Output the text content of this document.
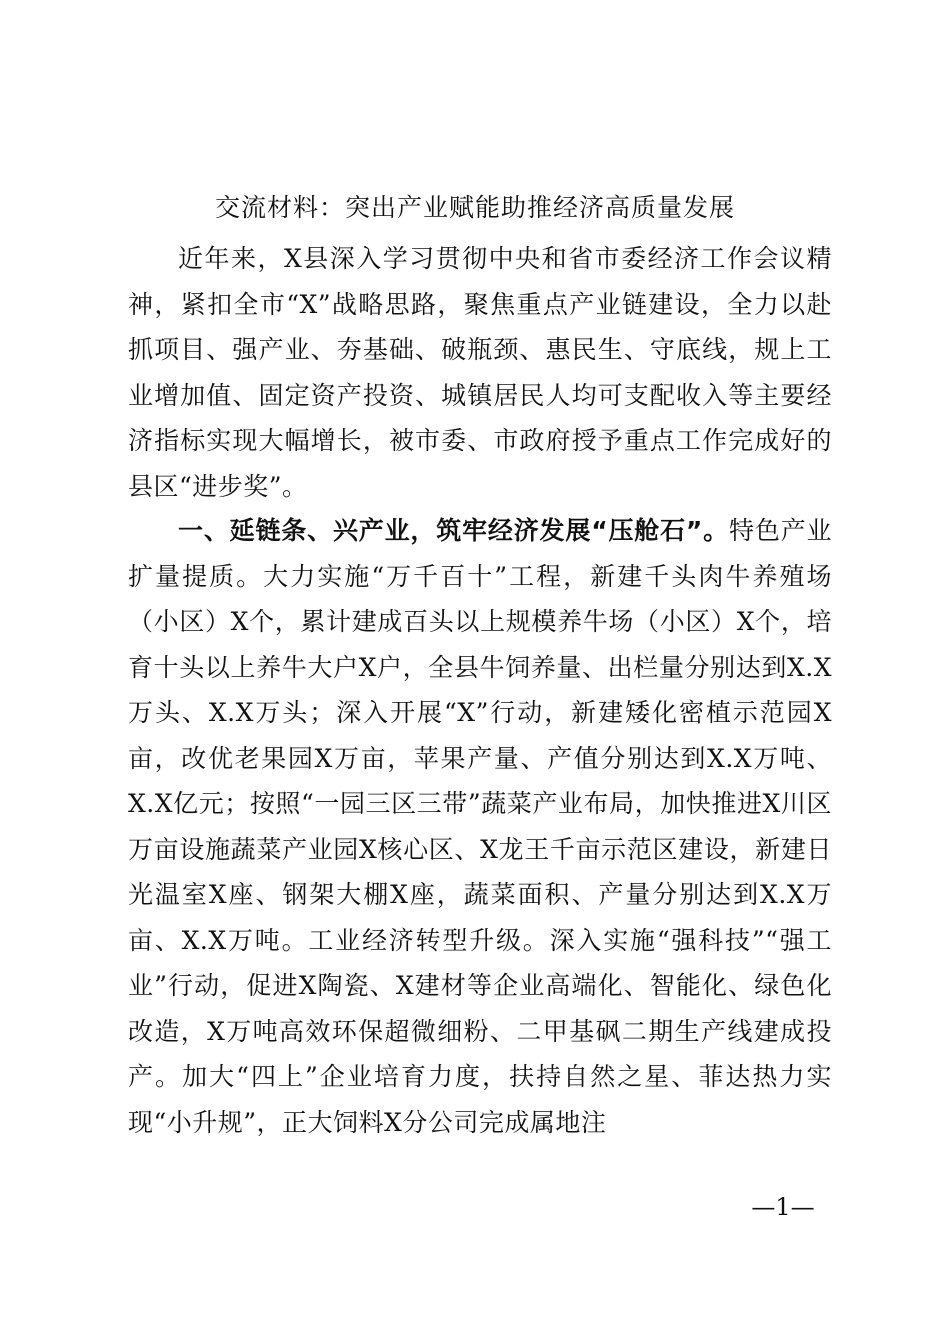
交流材料：突出产业赋能助推经济高质量发展

近年来，X县深入学习贯彻中央和省市委经济工作会议精神，紧扣全市“X”战略思路，聚焦重点产业链建设，全力以赴抓项目、强产业、夯基础、破瓶颈、惠民生、守底线，规上工业增加值、固定资产投资、城镇居民人均可支配收入等主要经济指标实现大幅增长，被市委、市政府授予重点工作完成好的县区“进步奖”。

一、延链条、兴产业，筑牢经济发展“压舱石”。特色产业扩量提质。大力实施“万千百十”工程，新建千头肉牛养殖场（小区）X个，累计建成百头以上规模养牛场（小区）X个，培育十头以上养牛大户X户，全县牛饲养量、出栏量分别达到X.X万头、X.X万头；深入开展“X”行动，新建矮化密植示范园X亩，改优老果园X万亩，苹果产量、产值分别达到X.X万吨、X.X亿元；按照“一园三区三带”蔬菜产业布局，加快推进X川区万亩设施蔬菜产业园X核心区、X龙王千亩示范区建设，新建日光温室X座、钢架大棚X座，蔬菜面积、产量分别达到X.X万亩、X.X万吨。工业经济转型升级。深入实施“强科技”“强工业”行动，促进X陶瓷、X建材等企业高端化、智能化、绿色化改造，X万吨高效环保超微细粉、二甲基砜二期生产线建成投产。加大“四上”企业培育力度，扶持自然之星、菲达热力实现“小升规”，正大饲料X分公司完成属地注

—1—
